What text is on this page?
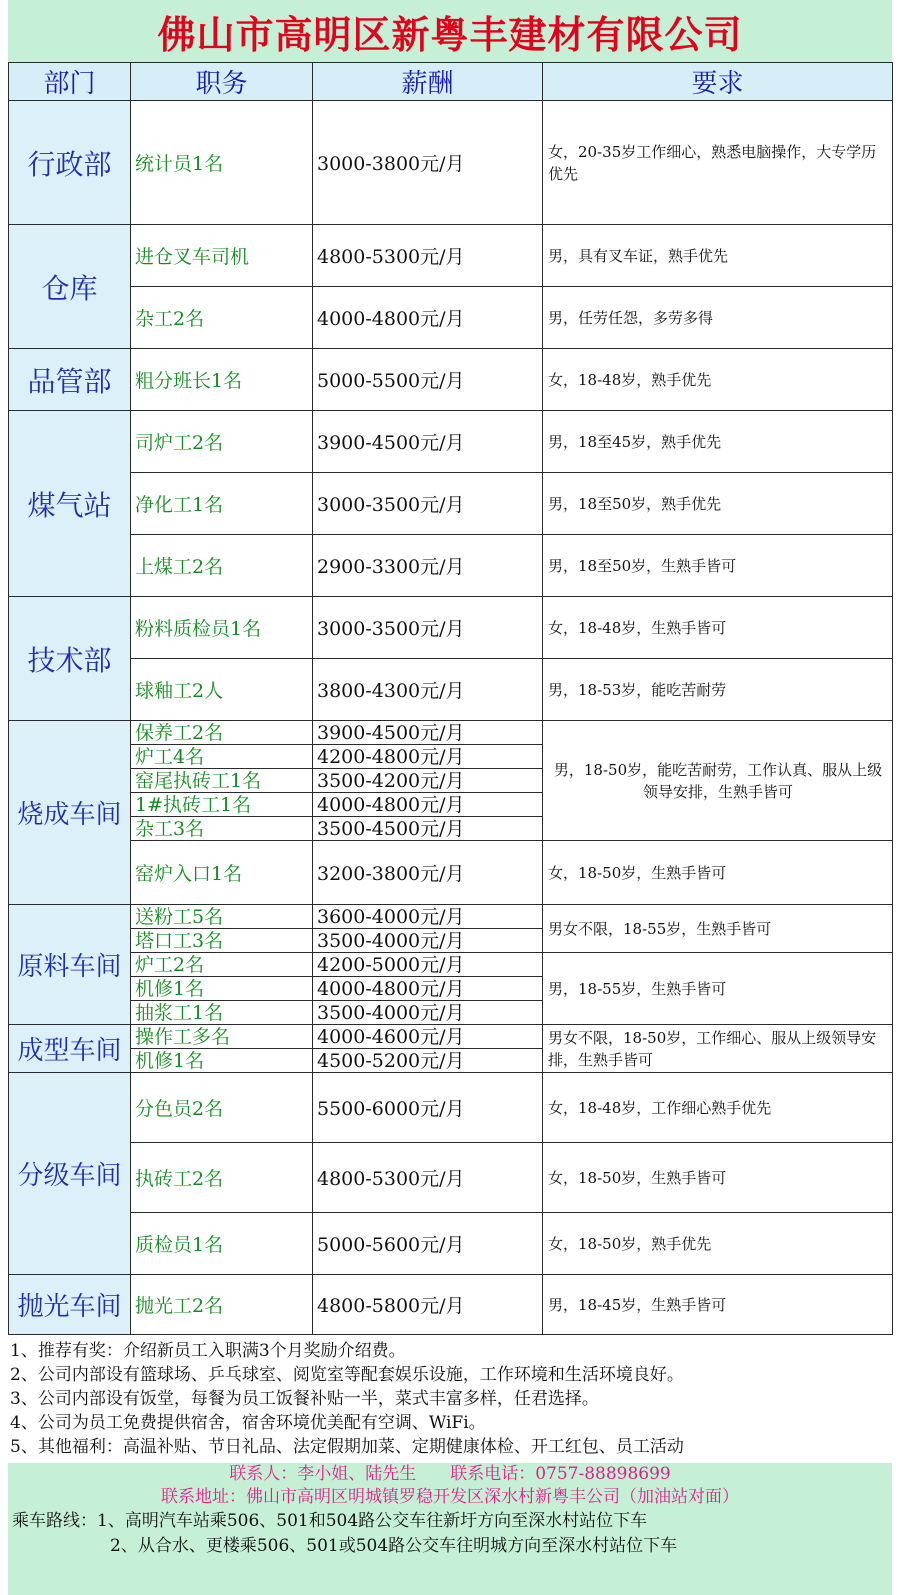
佛山市高明区新粤丰建材有限公司
部门	职务	薪酬	要求
行政部	统计员1名	3000-3800元/月	女，20-35岁工作细心，熟悉电脑操作，大专学历优先
仓库	进仓叉车司机	4800-5300元/月	男，具有叉车证，熟手优先
	杂工2名	4000-4800元/月	男，任劳任怨，多劳多得
品管部	粗分班长1名	5000-5500元/月	女，18-48岁，熟手优先
煤气站	司炉工2名	3900-4500元/月	男，18至45岁，熟手优先
	净化工1名	3000-3500元/月	男，18至50岁，熟手优先
	上煤工2名	2900-3300元/月	男，18至50岁，生熟手皆可
技术部	粉料质检员1名	3000-3500元/月	女，18-48岁，生熟手皆可
	球釉工2人	3800-4300元/月	男，18-53岁，能吃苦耐劳
烧成车间	保养工2名	3900-4500元/月	男，18-50岁，能吃苦耐劳，工作认真、服从上级领导安排，生熟手皆可
	炉工4名	4200-4800元/月	
	窑尾执砖工1名	3500-4200元/月	
	1#执砖工1名	4000-4800元/月	
	杂工3名	3500-4500元/月	
	窑炉入口1名	3200-3800元/月	女，18-50岁，生熟手皆可
原料车间	送粉工5名	3600-4000元/月	男女不限，18-55岁，生熟手皆可
	塔口工3名	3500-4000元/月	
	炉工2名	4200-5000元/月	男，18-55岁，生熟手皆可
	机修1名	4000-4800元/月	
	抽浆工1名	3500-4000元/月	
成型车间	操作工多名	4000-4600元/月	男女不限，18-50岁，工作细心、服从上级领导安排，生熟手皆可
	机修1名	4500-5200元/月	
分级车间	分色员2名	5500-6000元/月	女，18-48岁，工作细心熟手优先
	执砖工2名	4800-5300元/月	女，18-50岁，生熟手皆可
	质检员1名	5000-5600元/月	女，18-50岁，熟手优先
抛光车间	抛光工2名	4800-5800元/月	男，18-45岁，生熟手皆可
1、推荐有奖：介绍新员工入职满3个月奖励介绍费。
2、公司内部设有篮球场、乒乓球室、阅览室等配套娱乐设施，工作环境和生活环境良好。
3、公司内部设有饭堂，每餐为员工饭餐补贴一半，菜式丰富多样，任君选择。
4、公司为员工免费提供宿舍，宿舍环境优美配有空调、WiFi。
5、其他福利：高温补贴、节日礼品、法定假期加菜、定期健康体检、开工红包、员工活动
联系人：李小姐、陆先生　　联系电话：0757-88898699
联系地址：佛山市高明区明城镇罗稳开发区深水村新粤丰公司（加油站对面）
乘车路线：1、高明汽车站乘506、501和504路公交车往新圩方向至深水村站位下车
2、从合水、更楼乘506、501或504路公交车往明城方向至深水村站位下车
